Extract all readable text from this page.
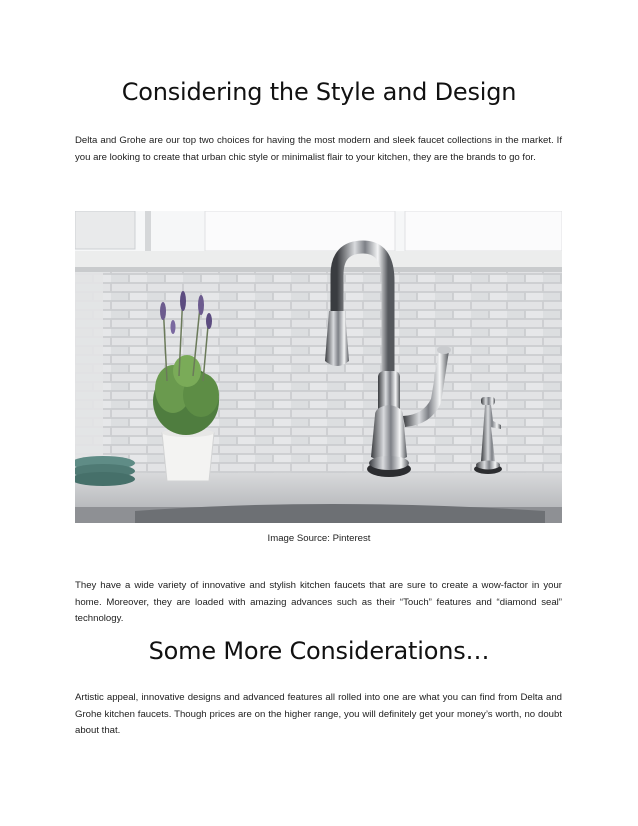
Considering the Style and Design

Delta and Grohe are our top two choices for having the most modern and sleek faucet collections in the market. If you are looking to create that urban chic style or minimalist flair to your kitchen, they are the brands to go for.

Image Source: Pinterest

They have a wide variety of innovative and stylish kitchen faucets that are sure to create a wow-factor in your home. Moreover, they are loaded with amazing advances such as their “Touch” features and “diamond seal” technology.

Some More Considerations…

Artistic appeal, innovative designs and advanced features all rolled into one are what you can find from Delta and Grohe kitchen faucets. Though prices are on the higher range, you will definitely get your money’s worth, no doubt about that.
